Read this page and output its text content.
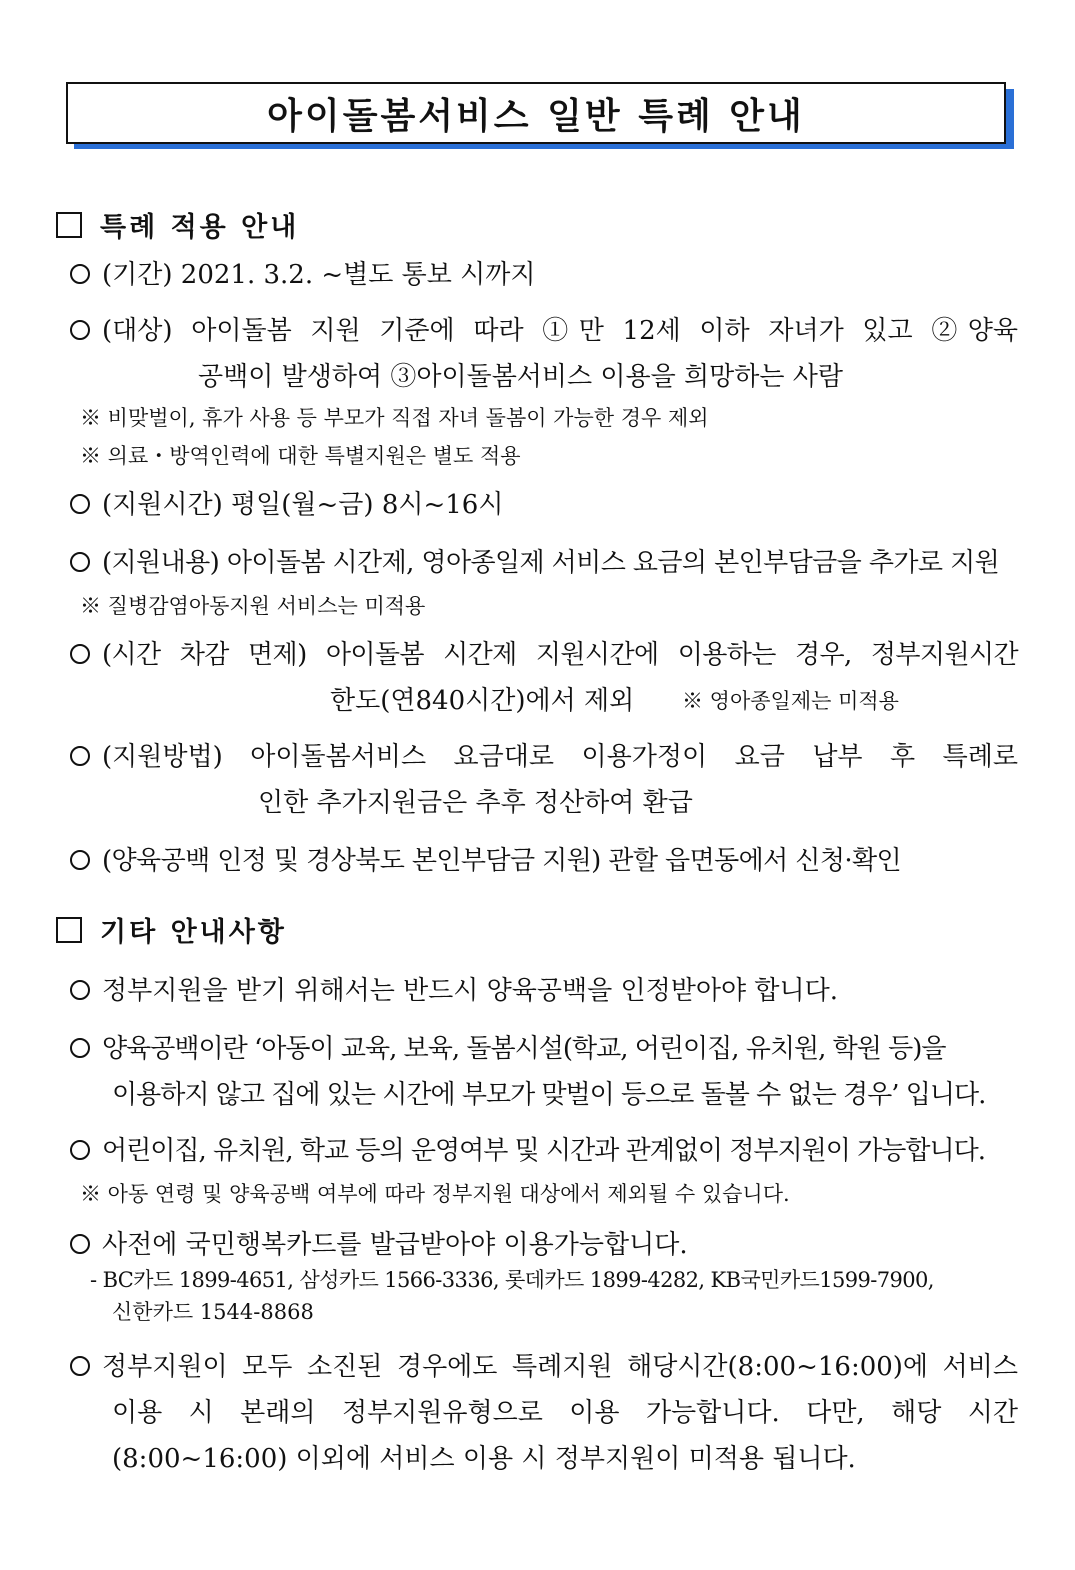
아이돌봄서비스 일반 특례 안내
특례 적용 안내
(기간) 2021. 3.2. ~별도 통보 시까지
(대상) 아이돌봄 지원 기준에 따라 ①만 12세 이하 자녀가 있고 ②양육
공백이 발생하여 ③아이돌봄서비스 이용을 희망하는 사람
※ 비맞벌이, 휴가 사용 등 부모가 직접 자녀 돌봄이 가능한 경우 제외
※ 의료・방역인력에 대한 특별지원은 별도 적용
(지원시간) 평일(월~금) 8시~16시
(지원내용) 아이돌봄 시간제, 영아종일제 서비스 요금의 본인부담금을 추가로 지원
※ 질병감염아동지원 서비스는 미적용
(시간 차감 면제) 아이돌봄 시간제 지원시간에 이용하는 경우, 정부지원시간
한도(연840시간)에서 제외 ※ 영아종일제는 미적용
(지원방법) 아이돌봄서비스 요금대로 이용가정이 요금 납부 후 특례로
인한 추가지원금은 추후 정산하여 환급
(양육공백 인정 및 경상북도 본인부담금 지원) 관할 읍면동에서 신청·확인
기타 안내사항
정부지원을 받기 위해서는 반드시 양육공백을 인정받아야 합니다.
양육공백이란 ‘아동이 교육, 보육, 돌봄시설(학교, 어린이집, 유치원, 학원 등)을
이용하지 않고 집에 있는 시간에 부모가 맞벌이 등으로 돌볼 수 없는 경우’ 입니다.
어린이집, 유치원, 학교 등의 운영여부 및 시간과 관계없이 정부지원이 가능합니다.
※ 아동 연령 및 양육공백 여부에 따라 정부지원 대상에서 제외될 수 있습니다.
사전에 국민행복카드를 발급받아야 이용가능합니다.
- BC카드 1899-4651, 삼성카드 1566-3336, 롯데카드 1899-4282, KB국민카드1599-7900,
신한카드 1544-8868
정부지원이 모두 소진된 경우에도 특례지원 해당시간(8:00~16:00)에 서비스
이용 시 본래의 정부지원유형으로 이용 가능합니다. 다만, 해당 시간
(8:00~16:00) 이외에 서비스 이용 시 정부지원이 미적용 됩니다.
